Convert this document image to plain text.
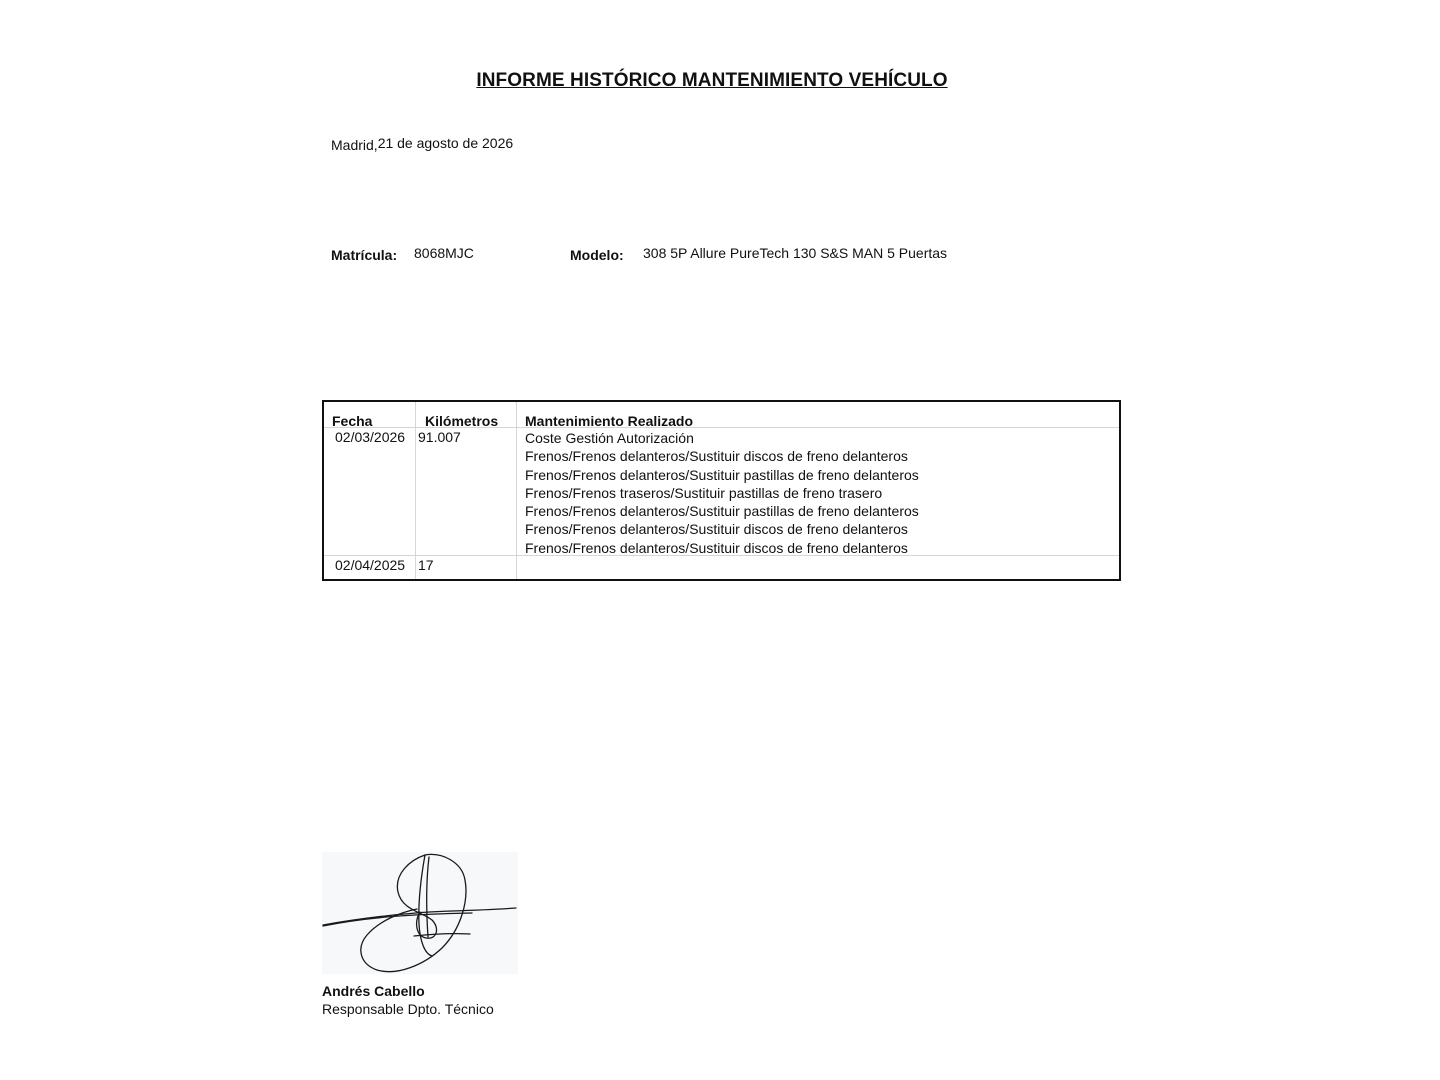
INFORME HISTÓRICO MANTENIMIENTO VEHÍCULO
Madrid,21 de agosto de 2026
Matrícula: 8068MJC	Modelo: 308 5P Allure PureTech 130 S&S MAN 5 Puertas
Fecha	Kilómetros Mantenimiento Realizado
02/03/2026 91.007	Coste Gestión Autorización
Frenos/Frenos delanteros/Sustituir discos de freno delanteros
Frenos/Frenos delanteros/Sustituir pastillas de freno delanteros
Frenos/Frenos traseros/Sustituir pastillas de freno trasero
Frenos/Frenos delanteros/Sustituir pastillas de freno delanteros
Frenos/Frenos delanteros/Sustituir discos de freno delanteros
Frenos/Frenos delanteros/Sustituir discos de freno delanteros
02/04/2025 17
Andrés Cabello
Responsable Dpto. Técnico
